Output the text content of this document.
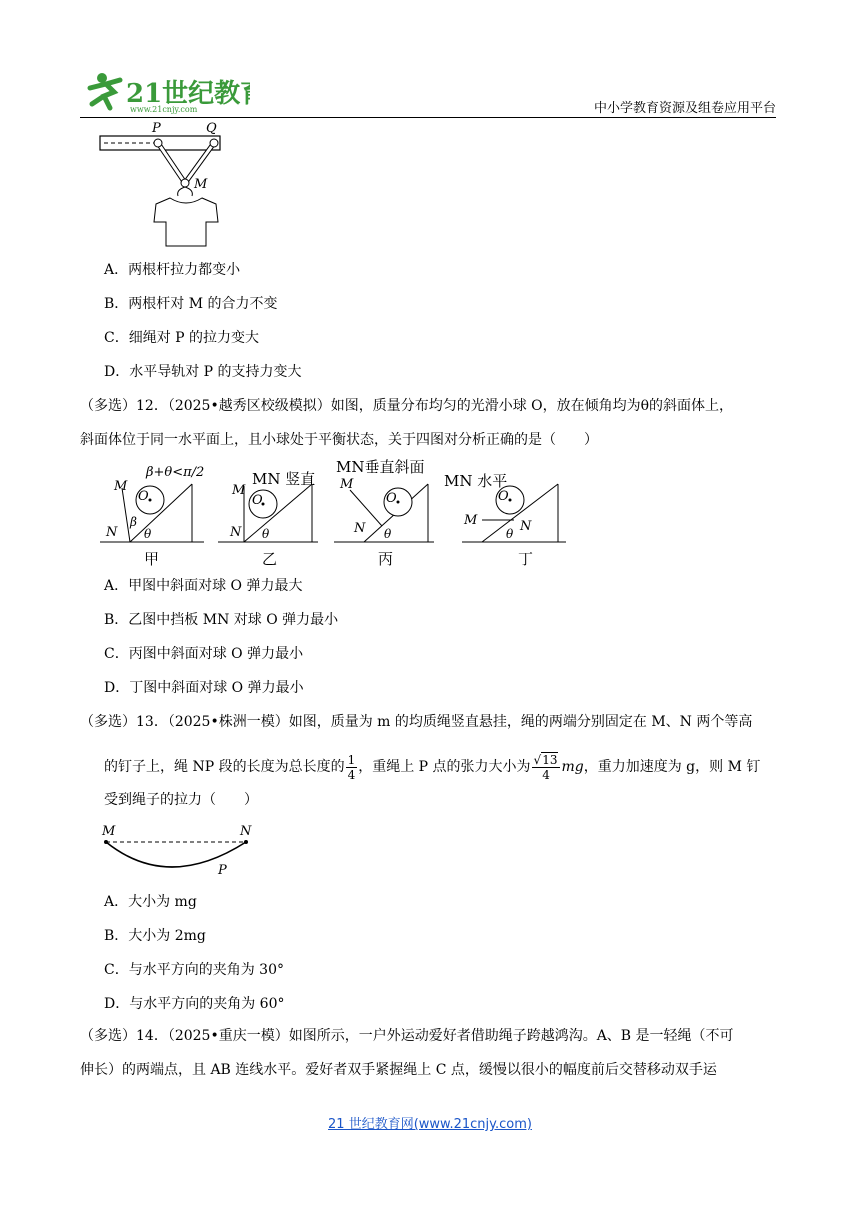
21世纪教
www.21cnjy.com	中小学教育资源及组卷应用平台
P	Q
M
A．两根杆拉力都变小
B．两根杆对 M 的合力不变
C．细绳对 P 的拉力变大
D．水平导轨对 P 的支持力变大
（多选）12．（2025•越秀区校级模拟）如图，质量分布均匀的光滑小球 O，放在倾角均为θ的斜面体上，
斜面体位于同一水平面上，且小球处于平衡状态，关于四图对分析正确的是（　　）
M
N
O
θ
β
β+θ<π/2
甲
M
N
O
θ
MN 竖直
乙
M
N
O
θ
MN垂直斜面
丙
M	N
O
θ
MN 水平
丁
A．甲图中斜面对球 O 弹力最大
B．乙图中挡板 MN 对球 O 弹力最小
C．丙图中斜面对球 O 弹力最小
D．丁图中斜面对球 O 弹力最小
（多选）13．（2025•株洲一模）如图，质量为 m 的均质绳竖直悬挂，绳的两端分别固定在 M、N 两个等高
的钉子上，绳 NP 段的长度为总长度的 $\frac{1}{4}$ ，重绳上 P 点的张力大小为 $\frac{√13}{4}$ mg，重力加速度为 g，则 M 钉
受到绳子的拉力（　　）
M	N
P
A．大小为 mg
B．大小为 2mg
C．与水平方向的夹角为 30°
D．与水平方向的夹角为 60°
（多选）14．（2025•重庆一模）如图所示，一户外运动爱好者借助绳子跨越鸿沟。A、B 是一轻绳（不可
伸长）的两端点，且 AB 连线水平。爱好者双手紧握绳上 C 点，缓慢以很小的幅度前后交替移动双手运
21 世纪教育网(www.21cnjy.com)
